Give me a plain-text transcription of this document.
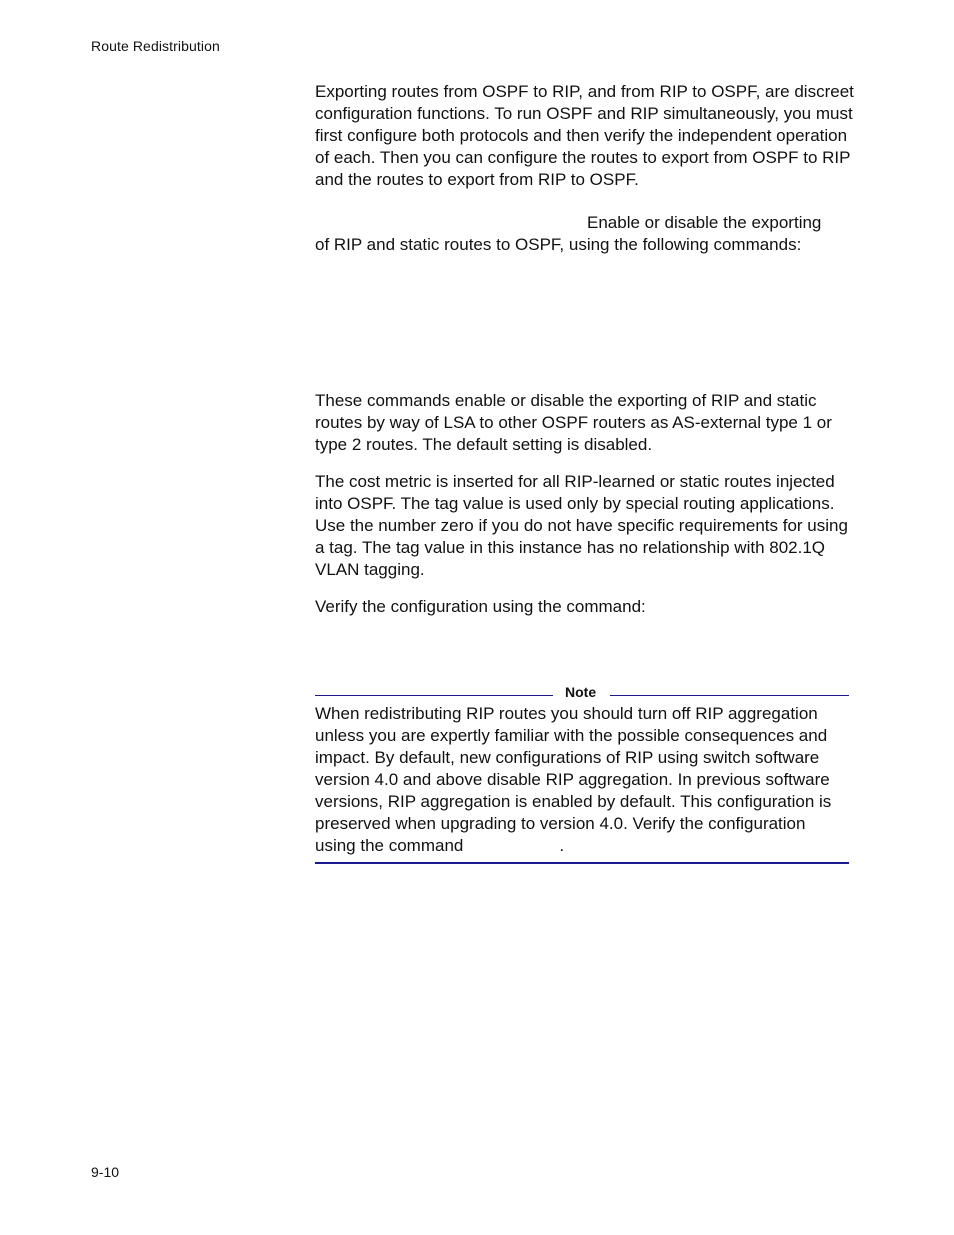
Route Redistribution

Exporting routes from OSPF to RIP, and from RIP to OSPF, are discreet configuration functions. To run OSPF and RIP simultaneously, you must first configure both protocols and then verify the independent operation of each. Then you can configure the routes to export from OSPF to RIP and the routes to export from RIP to OSPF.

Enable or disable the exporting
of RIP and static routes to OSPF, using the following commands:

These commands enable or disable the exporting of RIP and static routes by way of LSA to other OSPF routers as AS-external type 1 or type 2 routes. The default setting is disabled.

The cost metric is inserted for all RIP-learned or static routes injected into OSPF. The tag value is used only by special routing applications. Use the number zero if you do not have specific requirements for using a tag. The tag value in this instance has no relationship with 802.1Q VLAN tagging.

Verify the configuration using the command:

Note

When redistributing RIP routes you should turn off RIP aggregation unless you are expertly familiar with the possible consequences and impact. By default, new configurations of RIP using switch software version 4.0 and above disable RIP aggregation. In previous software versions, RIP aggregation is enabled by default. This configuration is preserved when upgrading to version 4.0. Verify the configuration using the command	.

9-10
